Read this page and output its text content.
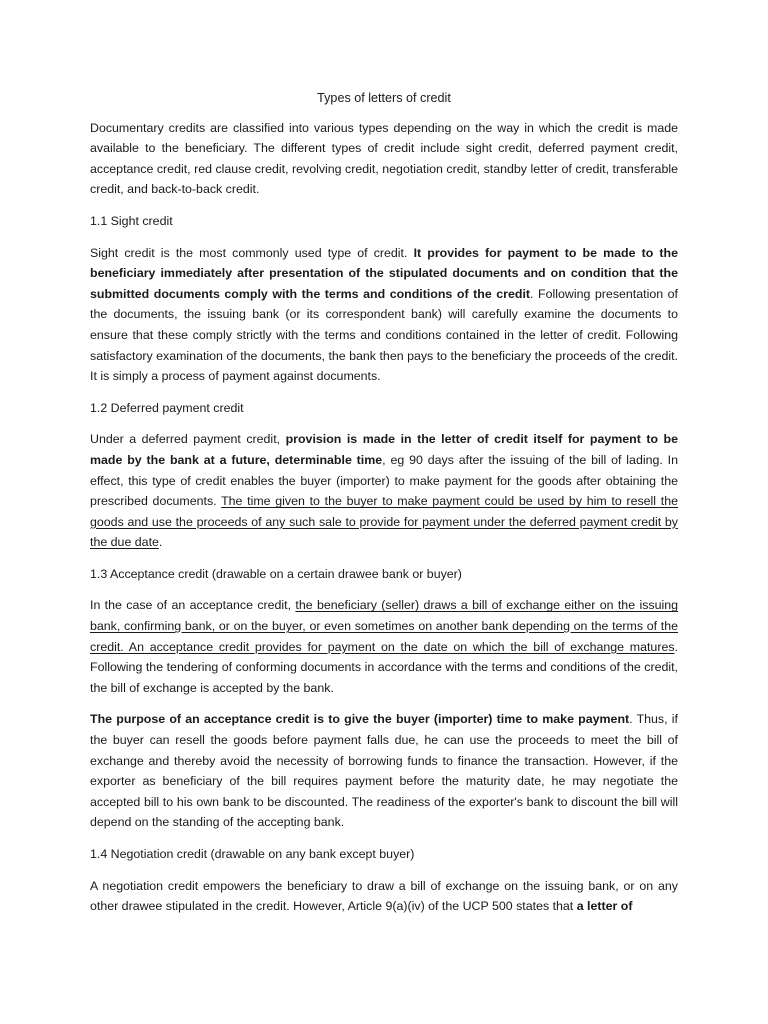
Types of letters of credit

Documentary credits are classified into various types depending on the way in which the credit is made available to the beneficiary. The different types of credit include sight credit, deferred payment credit, acceptance credit, red clause credit, revolving credit, negotiation credit, standby letter of credit, transferable credit, and back-to-back credit.

1.1 Sight credit

Sight credit is the most commonly used type of credit. It provides for payment to be made to the beneficiary immediately after presentation of the stipulated documents and on condition that the submitted documents comply with the terms and conditions of the credit. Following presentation of the documents, the issuing bank (or its correspondent bank) will carefully examine the documents to ensure that these comply strictly with the terms and conditions contained in the letter of credit. Following satisfactory examination of the documents, the bank then pays to the beneficiary the proceeds of the credit. It is simply a process of payment against documents.

1.2 Deferred payment credit

Under a deferred payment credit, provision is made in the letter of credit itself for payment to be made by the bank at a future, determinable time, eg 90 days after the issuing of the bill of lading. In effect, this type of credit enables the buyer (importer) to make payment for the goods after obtaining the prescribed documents. The time given to the buyer to make payment could be used by him to resell the goods and use the proceeds of any such sale to provide for payment under the deferred payment credit by the due date.

1.3 Acceptance credit (drawable on a certain drawee bank or buyer)

In the case of an acceptance credit, the beneficiary (seller) draws a bill of exchange either on the issuing bank, confirming bank, or on the buyer, or even sometimes on another bank depending on the terms of the credit. An acceptance credit provides for payment on the date on which the bill of exchange matures. Following the tendering of conforming documents in accordance with the terms and conditions of the credit, the bill of exchange is accepted by the bank.

The purpose of an acceptance credit is to give the buyer (importer) time to make payment. Thus, if the buyer can resell the goods before payment falls due, he can use the proceeds to meet the bill of exchange and thereby avoid the necessity of borrowing funds to finance the transaction. However, if the exporter as beneficiary of the bill requires payment before the maturity date, he may negotiate the accepted bill to his own bank to be discounted. The readiness of the exporter's bank to discount the bill will depend on the standing of the accepting bank.

1.4 Negotiation credit (drawable on any bank except buyer)

A negotiation credit empowers the beneficiary to draw a bill of exchange on the issuing bank, or on any other drawee stipulated in the credit. However, Article 9(a)(iv) of the UCP 500 states that a letter of
